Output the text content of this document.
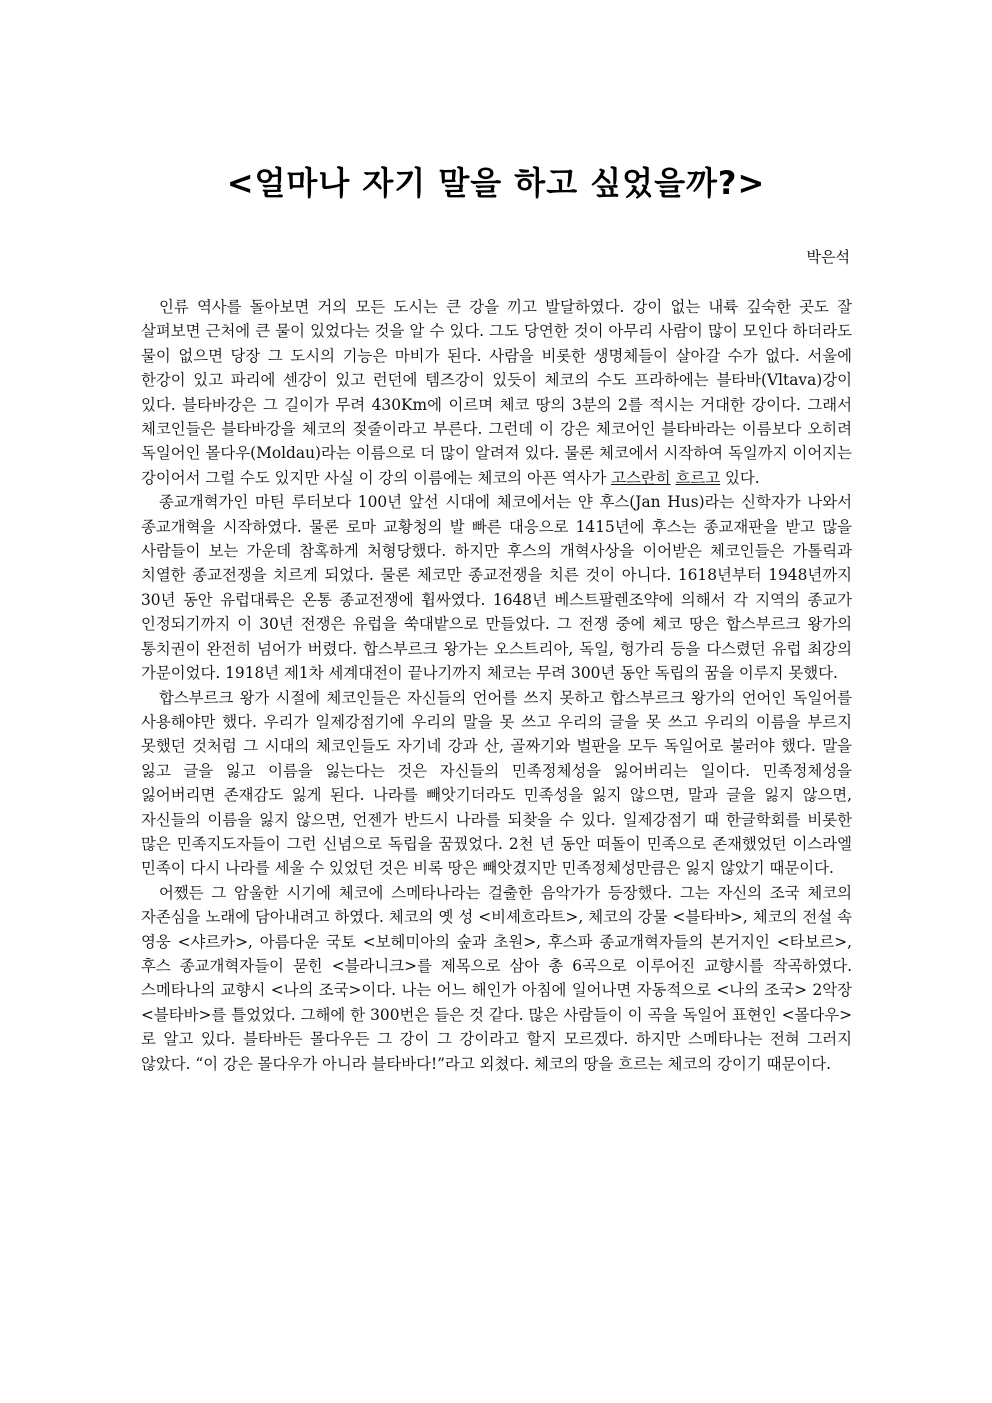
<얼마나 자기 말을 하고 싶었을까?>
박은석

인류 역사를 돌아보면 거의 모든 도시는 큰 강을 끼고 발달하였다. 강이 없는 내륙 깊숙한 곳도 잘 살펴보면 근처에 큰 물이 있었다는 것을 알 수 있다. 그도 당연한 것이 아무리 사람이 많이 모인다 하더라도 물이 없으면 당장 그 도시의 기능은 마비가 된다. 사람을 비롯한 생명체들이 살아갈 수가 없다. 서울에 한강이 있고 파리에 센강이 있고 런던에 템즈강이 있듯이 체코의 수도 프라하에는 블타바(Vltava)강이 있다. 블타바강은 그 길이가 무려 430Km에 이르며 체코 땅의 3분의 2를 적시는 거대한 강이다. 그래서 체코인들은 블타바강을 체코의 젖줄이라고 부른다. 그런데 이 강은 체코어인 블타바라는 이름보다 오히려 독일어인 몰다우(Moldau)라는 이름으로 더 많이 알려져 있다. 물론 체코에서 시작하여 독일까지 이어지는 강이어서 그럴 수도 있지만 사실 이 강의 이름에는 체코의 아픈 역사가 고스란히 흐르고 있다.

종교개혁가인 마틴 루터보다 100년 앞선 시대에 체코에서는 얀 후스(Jan Hus)라는 신학자가 나와서 종교개혁을 시작하였다. 물론 로마 교황청의 발 빠른 대응으로 1415년에 후스는 종교재판을 받고 많을 사람들이 보는 가운데 참혹하게 처형당했다. 하지만 후스의 개혁사상을 이어받은 체코인들은 가톨릭과 치열한 종교전쟁을 치르게 되었다. 물론 체코만 종교전쟁을 치른 것이 아니다. 1618년부터 1948년까지 30년 동안 유럽대륙은 온통 종교전쟁에 휩싸였다. 1648년 베스트팔렌조약에 의해서 각 지역의 종교가 인정되기까지 이 30년 전쟁은 유럽을 쑥대밭으로 만들었다. 그 전쟁 중에 체코 땅은 합스부르크 왕가의 통치권이 완전히 넘어가 버렸다. 합스부르크 왕가는 오스트리아, 독일, 헝가리 등을 다스렸던 유럽 최강의 가문이었다. 1918년 제1차 세계대전이 끝나기까지 체코는 무려 300년 동안 독립의 꿈을 이루지 못했다.

합스부르크 왕가 시절에 체코인들은 자신들의 언어를 쓰지 못하고 합스부르크 왕가의 언어인 독일어를 사용해야만 했다. 우리가 일제강점기에 우리의 말을 못 쓰고 우리의 글을 못 쓰고 우리의 이름을 부르지 못했던 것처럼 그 시대의 체코인들도 자기네 강과 산, 골짜기와 벌판을 모두 독일어로 불러야 했다. 말을 잃고 글을 잃고 이름을 잃는다는 것은 자신들의 민족정체성을 잃어버리는 일이다. 민족정체성을 잃어버리면 존재감도 잃게 된다. 나라를 빼앗기더라도 민족성을 잃지 않으면, 말과 글을 잃지 않으면, 자신들의 이름을 잃지 않으면, 언젠가 반드시 나라를 되찾을 수 있다. 일제강점기 때 한글학회를 비롯한 많은 민족지도자들이 그런 신념으로 독립을 꿈꿨었다. 2천 년 동안 떠돌이 민족으로 존재했었던 이스라엘 민족이 다시 나라를 세울 수 있었던 것은 비록 땅은 빼앗겼지만 민족정체성만큼은 잃지 않았기 때문이다.

어쨌든 그 암울한 시기에 체코에 스메타나라는 걸출한 음악가가 등장했다. 그는 자신의 조국 체코의 자존심을 노래에 담아내려고 하였다. 체코의 옛 성 <비셰흐라트>, 체코의 강물 <블타바>, 체코의 전설 속 영웅 <샤르카>, 아름다운 국토 <보헤미아의 숲과 초원>, 후스파 종교개혁자들의 본거지인 <타보르>, 후스 종교개혁자들이 묻힌 <블라니크>를 제목으로 삼아 총 6곡으로 이루어진 교향시를 작곡하였다. 스메타나의 교향시 <나의 조국>이다. 나는 어느 해인가 아침에 일어나면 자동적으로 <나의 조국> 2악장 <블타바>를 틀었었다. 그해에 한 300번은 들은 것 같다. 많은 사람들이 이 곡을 독일어 표현인 <몰다우>로 알고 있다. 블타바든 몰다우든 그 강이 그 강이라고 할지 모르겠다. 하지만 스메타나는 전혀 그러지 않았다. “이 강은 몰다우가 아니라 블타바다!”라고 외쳤다. 체코의 땅을 흐르는 체코의 강이기 때문이다.
